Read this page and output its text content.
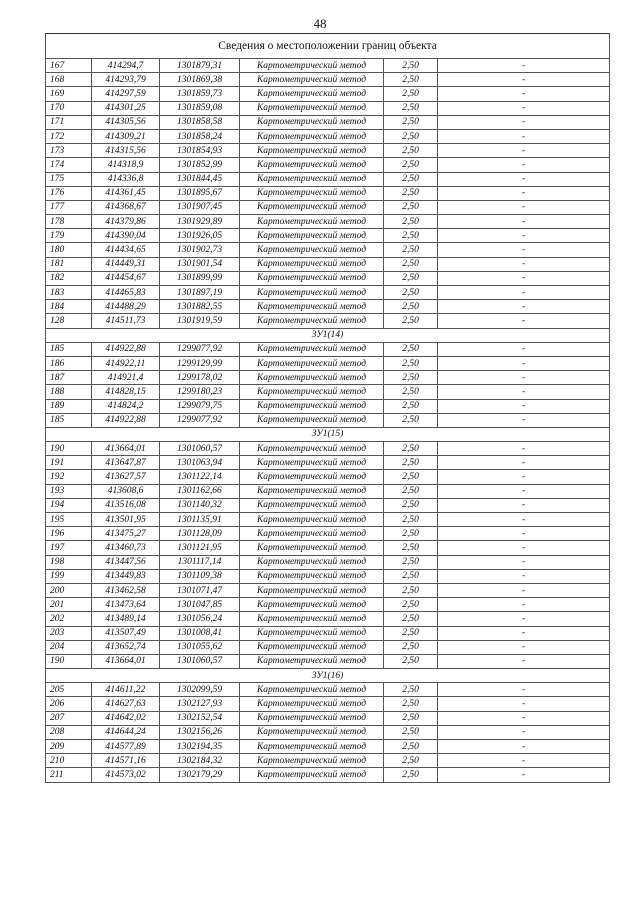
48
Сведения о местоположении границ объекта					
167	414294,7	1301879,31	Картометрический метод	2,50	-
168	414293,79	1301869,38	Картометрический метод	2,50	-
169	414297,59	1301859,73	Картометрический метод	2,50	-
170	414301,25	1301859,08	Картометрический метод	2,50	-
171	414305,56	1301858,58	Картометрический метод	2,50	-
172	414309,21	1301858,24	Картометрический метод	2,50	-
173	414315,56	1301854,93	Картометрический метод	2,50	-
174	414318,9	1301852,99	Картометрический метод	2,50	-
175	414336,8	1301844,45	Картометрический метод	2,50	-
176	414361,45	1301895,67	Картометрический метод	2,50	-
177	414368,67	1301907,45	Картометрический метод	2,50	-
178	414379,86	1301929,89	Картометрический метод	2,50	-
179	414390,04	1301926,05	Картометрический метод	2,50	-
180	414434,65	1301902,73	Картометрический метод	2,50	-
181	414449,31	1301901,54	Картометрический метод	2,50	-
182	414454,67	1301899,99	Картометрический метод	2,50	-
183	414465,83	1301897,19	Картометрический метод	2,50	-
184	414488,29	1301882,55	Картометрический метод	2,50	-
128	414511,73	1301919,59	Картометрический метод	2,50	-
ЗУ1(14)					
185	414922,88	1299077,92	Картометрический метод	2,50	-
186	414922,11	1299129,99	Картометрический метод	2,50	-
187	414921,4	1299178,02	Картометрический метод	2,50	-
188	414828,15	1299180,23	Картометрический метод	2,50	-
189	414824,2	1299079,75	Картометрический метод	2,50	-
185	414922,88	1299077,92	Картометрический метод	2,50	-
ЗУ1(15)					
190	413664,01	1301060,57	Картометрический метод	2,50	-
191	413647,87	1301063,94	Картометрический метод	2,50	-
192	413627,57	1301122,14	Картометрический метод	2,50	-
193	413608,6	1301162,66	Картометрический метод	2,50	-
194	413516,08	1301140,32	Картометрический метод	2,50	-
195	413501,95	1301135,91	Картометрический метод	2,50	-
196	413475,27	1301128,09	Картометрический метод	2,50	-
197	413460,73	1301121,95	Картометрический метод	2,50	-
198	413447,56	1301117,14	Картометрический метод	2,50	-
199	413449,83	1301109,38	Картометрический метод	2,50	-
200	413462,58	1301071,47	Картометрический метод	2,50	-
201	413473,64	1301047,85	Картометрический метод	2,50	-
202	413489,14	1301056,24	Картометрический метод	2,50	-
203	413507,49	1301008,41	Картометрический метод	2,50	-
204	413652,74	1301055,62	Картометрический метод	2,50	-
190	413664,01	1301060,57	Картометрический метод	2,50	-
ЗУ1(16)					
205	414611,22	1302099,59	Картометрический метод	2,50	-
206	414627,63	1302127,93	Картометрический метод	2,50	-
207	414642,02	1302152,54	Картометрический метод	2,50	-
208	414644,24	1302156,26	Картометрический метод	2,50	-
209	414577,89	1302194,35	Картометрический метод	2,50	-
210	414571,16	1302184,32	Картометрический метод	2,50	-
211	414573,02	1302179,29	Картометрический метод	2,50	-
